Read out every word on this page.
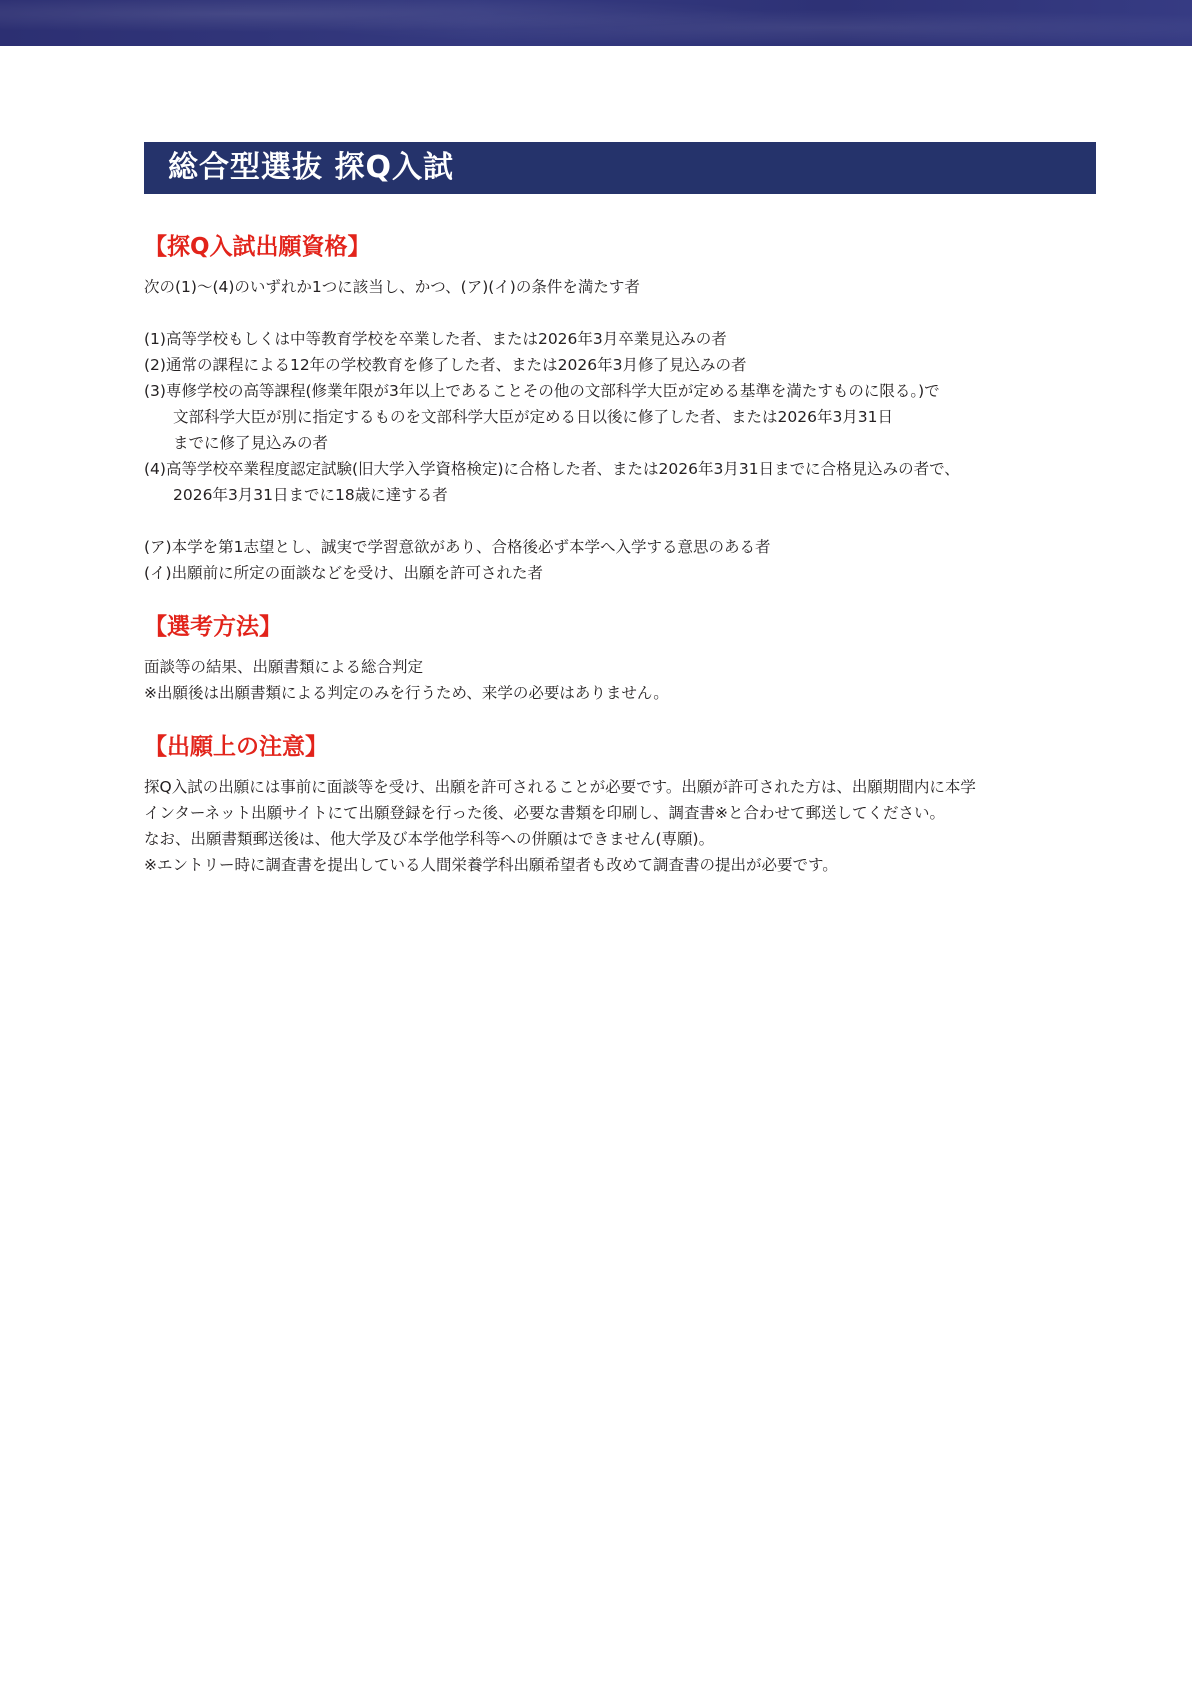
総合型選抜 探Q入試
【探Q入試出願資格】

次の(1)〜(4)のいずれか1つに該当し、かつ、(ア)(イ)の条件を満たす者

(1)高等学校もしくは中等教育学校を卒業した者、または2026年3月卒業見込みの者

(2)通常の課程による12年の学校教育を修了した者、または2026年3月修了見込みの者

(3)専修学校の高等課程(修業年限が3年以上であることその他の文部科学大臣が定める基準を満たすものに限る。)で

文部科学大臣が別に指定するものを文部科学大臣が定める日以後に修了した者、または2026年3月31日

までに修了見込みの者

(4)高等学校卒業程度認定試験(旧大学入学資格検定)に合格した者、または2026年3月31日までに合格見込みの者で、

2026年3月31日までに18歳に達する者

(ア)本学を第1志望とし、誠実で学習意欲があり、合格後必ず本学へ入学する意思のある者

(イ)出願前に所定の面談などを受け、出願を許可された者

【選考方法】

面談等の結果、出願書類による総合判定

※出願後は出願書類による判定のみを行うため、来学の必要はありません。

【出願上の注意】

探Q入試の出願には事前に面談等を受け、出願を許可されることが必要です。出願が許可された方は、出願期間内に本学

インターネット出願サイトにて出願登録を行った後、必要な書類を印刷し、調査書※と合わせて郵送してください。

なお、出願書類郵送後は、他大学及び本学他学科等への併願はできません(専願)。

※エントリー時に調査書を提出している人間栄養学科出願希望者も改めて調査書の提出が必要です。
